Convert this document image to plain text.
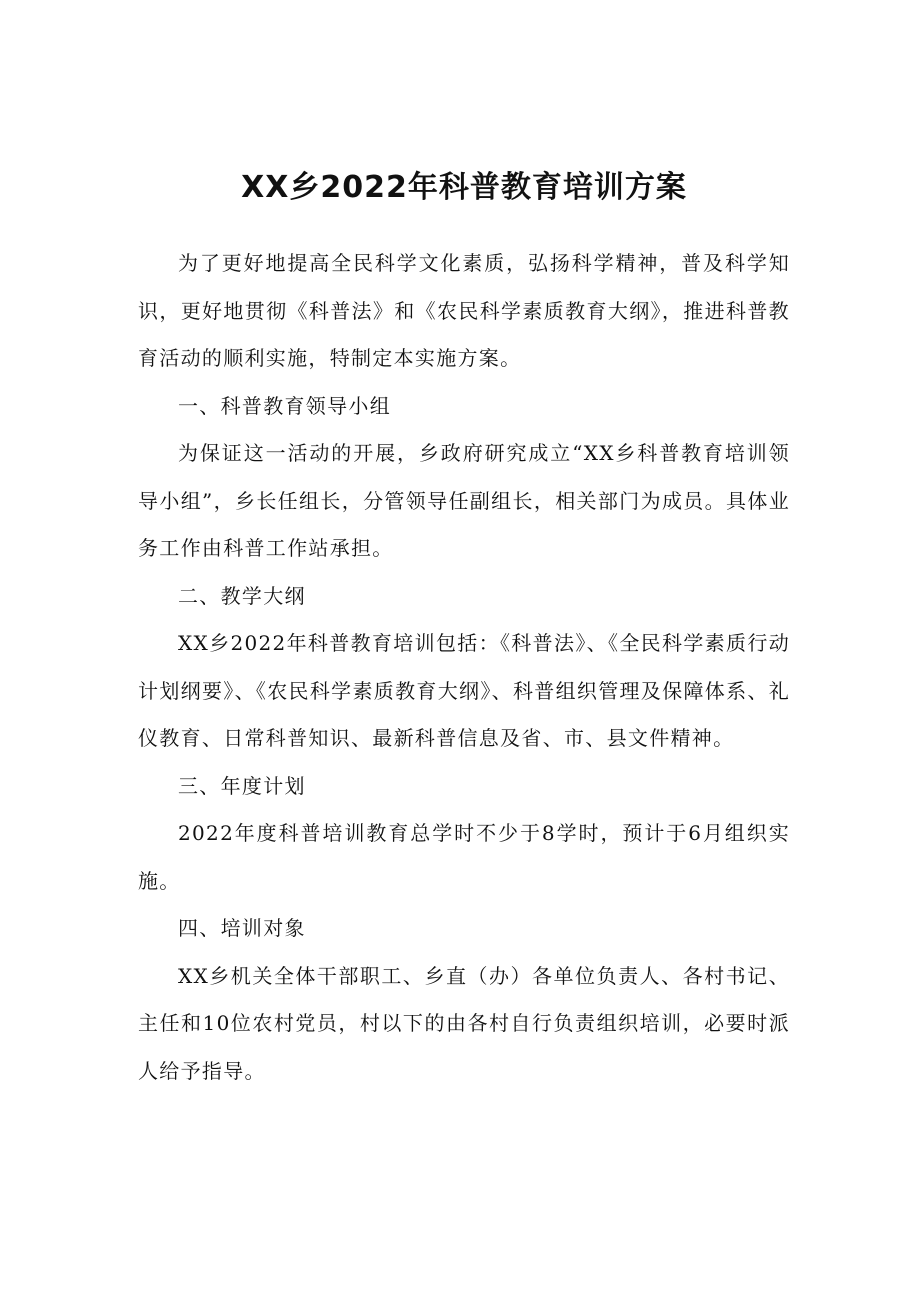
XX乡2022年科普教育培训方案

为了更好地提高全民科学文化素质，弘扬科学精神，普及科学知识，更好地贯彻《科普法》和《农民科学素质教育大纲》，推进科普教育活动的顺利实施，特制定本实施方案。

一、科普教育领导小组

为保证这一活动的开展，乡政府研究成立“XX乡科普教育培训领导小组”，乡长任组长，分管领导任副组长，相关部门为成员。具体业务工作由科普工作站承担。

二、教学大纲

XX乡2022年科普教育培训包括：《科普法》、《全民科学素质行动计划纲要》、《农民科学素质教育大纲》、科普组织管理及保障体系、礼仪教育、日常科普知识、最新科普信息及省、市、县文件精神。

三、年度计划

2022年度科普培训教育总学时不少于8学时，预计于6月组织实施。

四、培训对象

XX乡机关全体干部职工、乡直（办）各单位负责人、各村书记、主任和10位农村党员，村以下的由各村自行负责组织培训，必要时派人给予指导。
